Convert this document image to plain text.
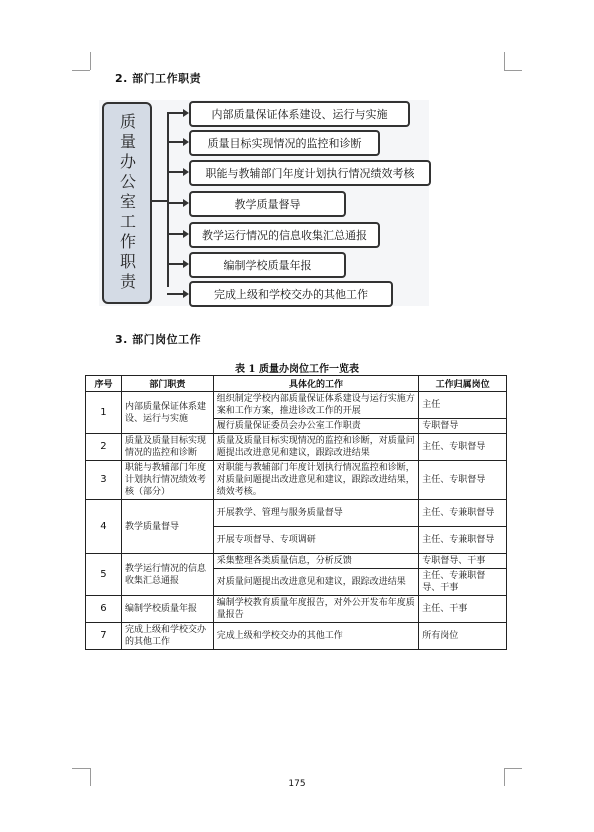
2. 部门工作职责
质量办公室工作职责	内部质量保证体系建设、运行与实施
质量目标实现情况的监控和诊断
职能与教辅部门年度计划执行情况绩效考核
教学质量督导
教学运行情况的信息收集汇总通报
编制学校质量年报
完成上级和学校交办的其他工作
3. 部门岗位工作
表 1 质量办岗位工作一览表
序号	部门职责	具体化的工作	工作归属岗位
1	内部质量保证体系建设、运行与实施	组织制定学校内部质量保证体系建设与运行实施方案和工作方案，推进诊改工作的开展	主任
		履行质量保证委员会办公室工作职责	专职督导
2	质量及质量目标实现情况的监控和诊断	质量及质量目标实现情况的监控和诊断，对质量问题提出改进意见和建议，跟踪改进结果	主任、专职督导
3	职能与教辅部门年度计划执行情况绩效考核（部分）	对职能与教辅部门年度计划执行情况监控和诊断，对质量问题提出改进意见和建议，跟踪改进结果，绩效考核。	主任、专职督导
4	教学质量督导	开展教学、管理与服务质量督导	主任、专兼职督导
		开展专项督导、专项调研	主任、专兼职督导
5	教学运行情况的信息收集汇总通报	采集整理各类质量信息，分析反馈	专职督导、干事
		对质量问题提出改进意见和建议，跟踪改进结果	主任、专兼职督导、干事
6	编制学校质量年报	编制学校教育质量年度报告，对外公开发布年度质量报告	主任、干事
7	完成上级和学校交办的其他工作	完成上级和学校交办的其他工作	所有岗位
175
